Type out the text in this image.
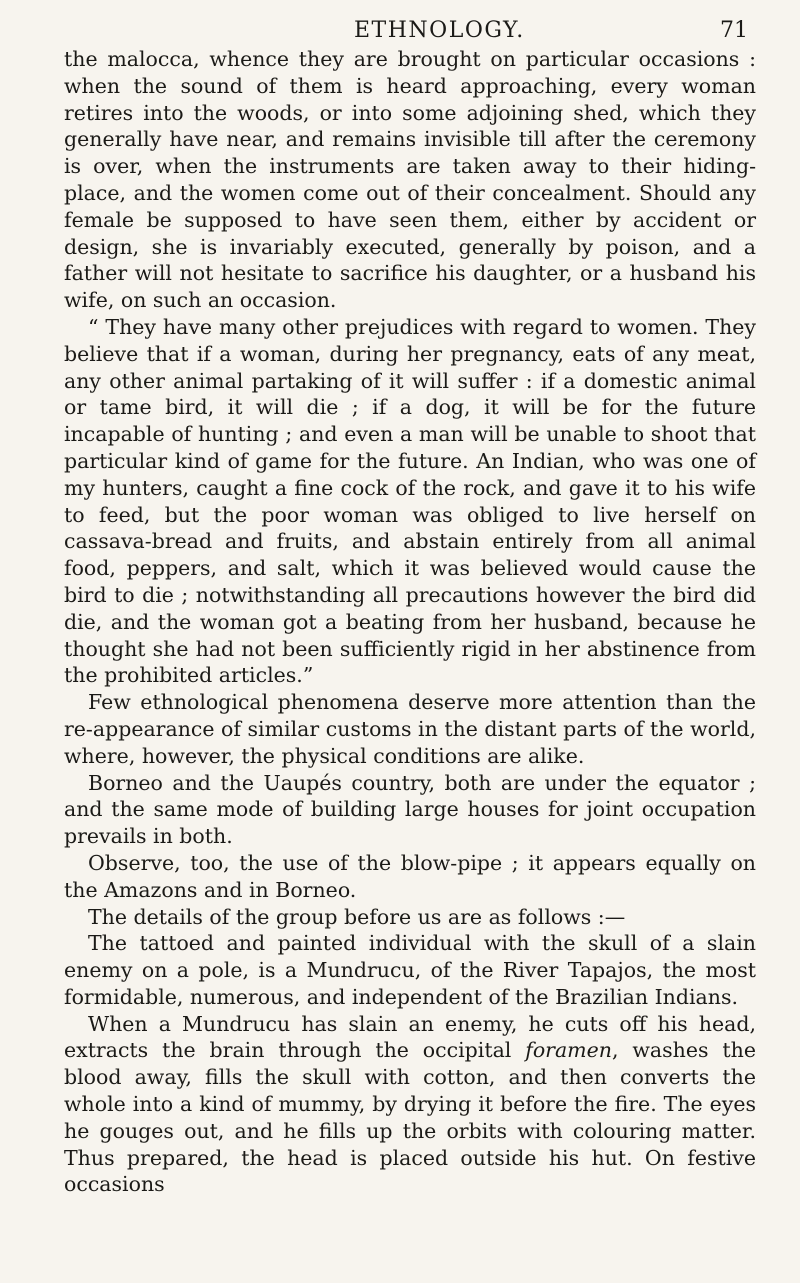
ETHNOLOGY.	71

the malocca, whence they are brought on particular occasions : when the sound of them is heard approaching, every woman retires into the woods, or into some adjoining shed, which they generally have near, and remains invisible till after the ceremony is over, when the instruments are taken away to their hiding-place, and the women come out of their concealment. Should any female be supposed to have seen them, either by accident or design, she is invariably executed, generally by poison, and a father will not hesitate to sacrifice his daughter, or a husband his wife, on such an occasion.

“ They have many other prejudices with regard to women. They believe that if a woman, during her pregnancy, eats of any meat, any other animal partaking of it will suffer : if a domestic animal or tame bird, it will die ; if a dog, it will be for the future incapable of hunting ; and even a man will be unable to shoot that particular kind of game for the future. An Indian, who was one of my hunters, caught a fine cock of the rock, and gave it to his wife to feed, but the poor woman was obliged to live herself on cassava-bread and fruits, and abstain entirely from all animal food, peppers, and salt, which it was believed would cause the bird to die ; notwithstanding all precautions however the bird did die, and the woman got a beating from her husband, because he thought she had not been sufficiently rigid in her abstinence from the prohibited articles.”

Few ethnological phenomena deserve more attention than the re-appearance of similar customs in the distant parts of the world, where, however, the physical conditions are alike.

Borneo and the Uaupés country, both are under the equator ; and the same mode of building large houses for joint occupation prevails in both.

Observe, too, the use of the blow-pipe ; it appears equally on the Amazons and in Borneo.

The details of the group before us are as follows :—

The tattoed and painted individual with the skull of a slain enemy on a pole, is a Mundrucu, of the River Tapajos, the most formidable, numerous, and independent of the Brazilian Indians.

When a Mundrucu has slain an enemy, he cuts off his head, extracts the brain through the occipital foramen, washes the blood away, fills the skull with cotton, and then converts the whole into a kind of mummy, by drying it before the fire. The eyes he gouges out, and he fills up the orbits with colouring matter. Thus prepared, the head is placed outside his hut. On festive occasions
